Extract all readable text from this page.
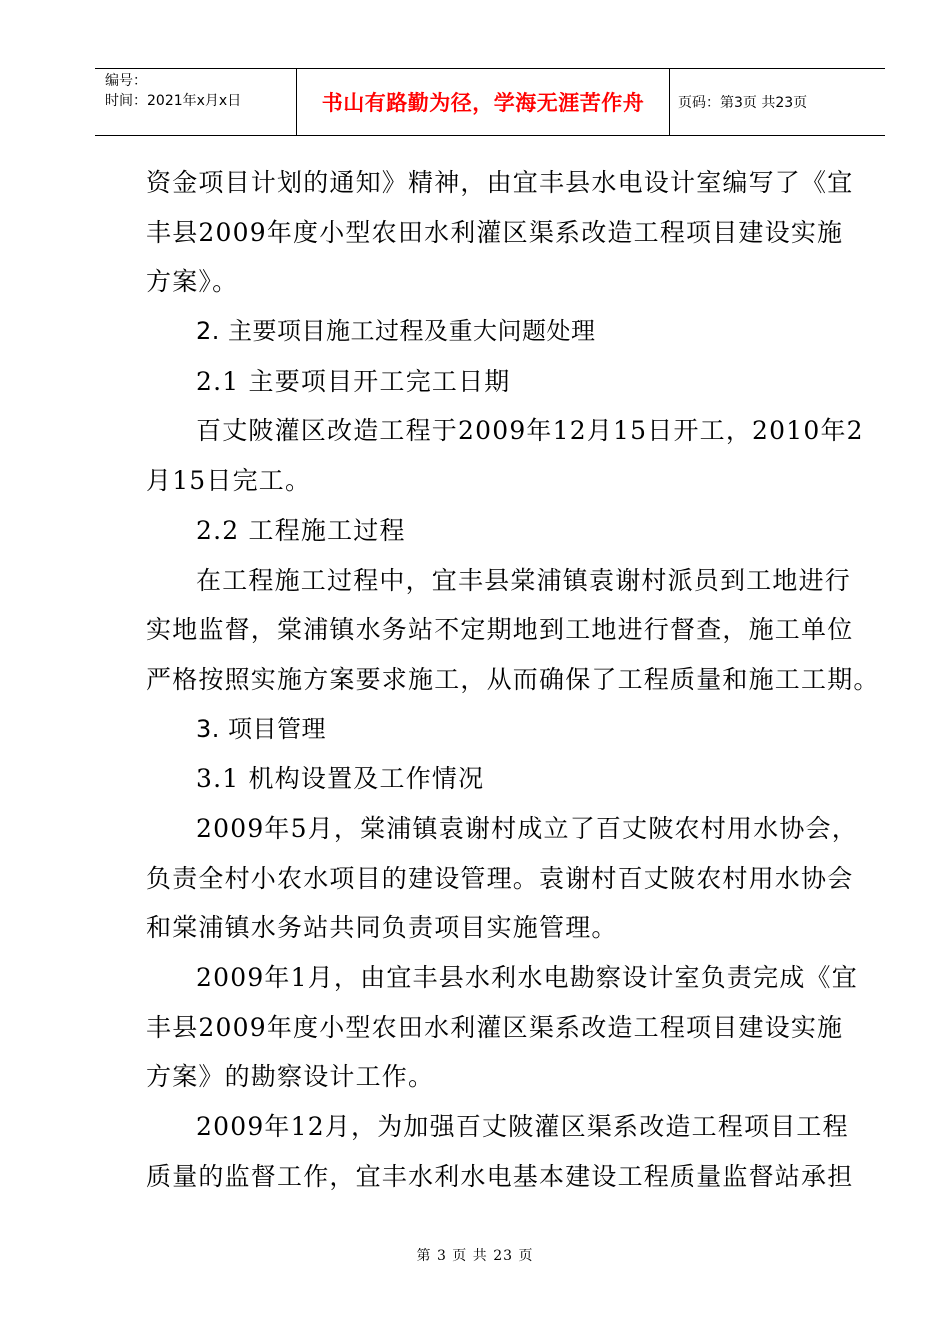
编号：
时间：2021年x月x日	书山有路勤为径，学海无涯苦作舟	页码：第3页 共23页
资金项目计划的通知》精神，由宜丰县水电设计室编写了《宜
丰县2009年度小型农田水利灌区渠系改造工程项目建设实施
方案》。
2. 主要项目施工过程及重大问题处理
2.1 主要项目开工完工日期
百丈陂灌区改造工程于2009年12月15日开工，2010年2
月15日完工。
2.2 工程施工过程
在工程施工过程中，宜丰县棠浦镇袁谢村派员到工地进行
实地监督，棠浦镇水务站不定期地到工地进行督查，施工单位
严格按照实施方案要求施工，从而确保了工程质量和施工工期。
3. 项目管理
3.1 机构设置及工作情况
2009年5月，棠浦镇袁谢村成立了百丈陂农村用水协会，
负责全村小农水项目的建设管理。袁谢村百丈陂农村用水协会
和棠浦镇水务站共同负责项目实施管理。
2009年1月，由宜丰县水利水电勘察设计室负责完成《宜
丰县2009年度小型农田水利灌区渠系改造工程项目建设实施
方案》的勘察设计工作。
2009年12月，为加强百丈陂灌区渠系改造工程项目工程
质量的监督工作，宜丰水利水电基本建设工程质量监督站承担
第 3 页 共 23 页
